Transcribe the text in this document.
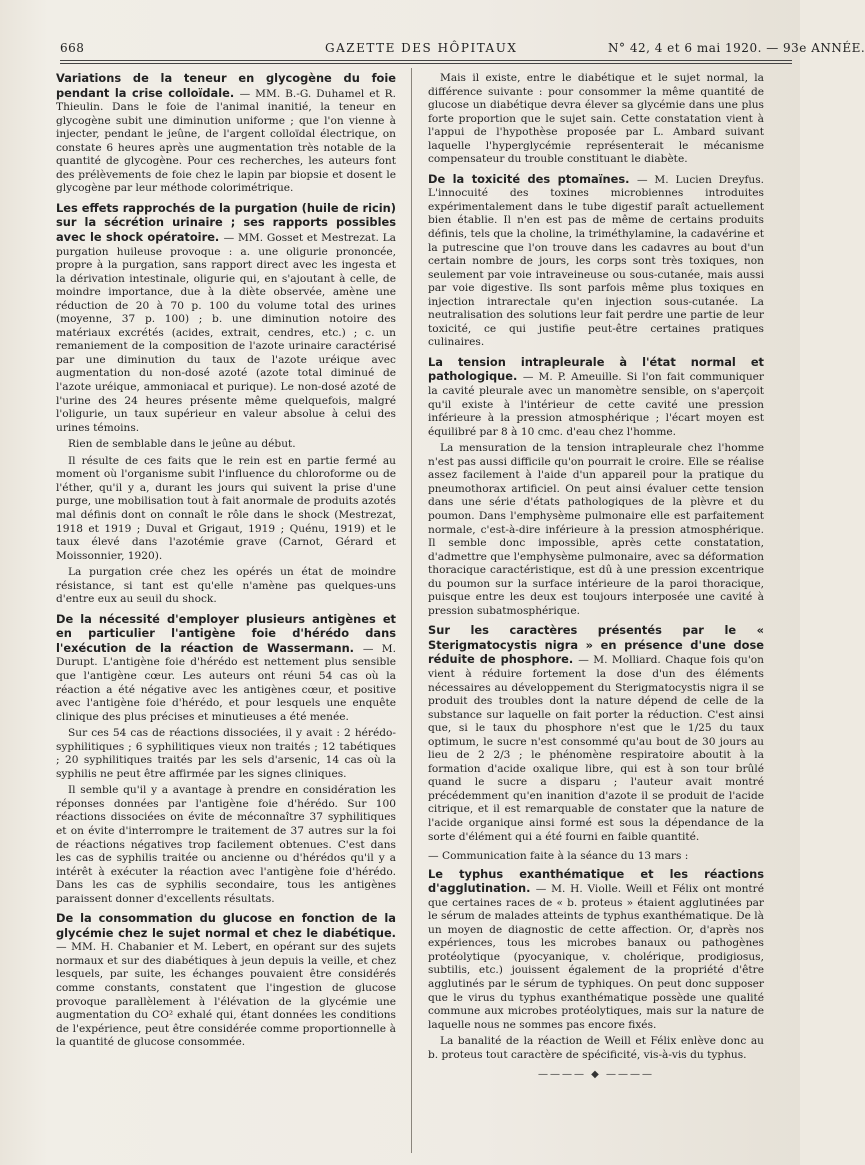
668	GAZETTE DES HÔPITAUX	N° 42, 4 et 6 mai 1920. — 93e ANNÉE.

Variations de la teneur en glycogène du foie pendant la crise colloïdale. — MM. B.-G. Duhamel et R. Thieulin. Dans le foie de l'animal inanitié, la teneur en glycogène subit une diminution uniforme ; que l'on vienne à injecter, pendant le jeûne, de l'argent colloïdal électrique, on constate 6 heures après une augmentation très notable de la quantité de glycogène. Pour ces recherches, les auteurs font des prélèvements de foie chez le lapin par biopsie et dosent le glycogène par leur méthode colorimétrique.

Les effets rapprochés de la purgation (huile de ricin) sur la sécrétion urinaire ; ses rapports possibles avec le shock opératoire. — MM. Gosset et Mestrezat. La purgation huileuse provoque : a. une oligurie prononcée, propre à la purgation, sans rapport direct avec les ingesta et la dérivation intestinale, oligurie qui, en s'ajoutant à celle, de moindre importance, due à la diète observée, amène une réduction de 20 à 70 p. 100 du volume total des urines (moyenne, 37 p. 100) ; b. une diminution notoire des matériaux excrétés (acides, extrait, cendres, etc.) ; c. un remaniement de la composition de l'azote urinaire caractérisé par une diminution du taux de l'azote uréique avec augmentation du non-dosé azoté (azote total diminué de l'azote uréique, ammoniacal et purique). Le non-dosé azoté de l'urine des 24 heures présente même quelquefois, malgré l'oligurie, un taux supérieur en valeur absolue à celui des urines témoins.

Rien de semblable dans le jeûne au début.

Il résulte de ces faits que le rein est en partie fermé au moment où l'organisme subit l'influence du chloroforme ou de l'éther, qu'il y a, durant les jours qui suivent la prise d'une purge, une mobilisation tout à fait anormale de produits azotés mal définis dont on connaît le rôle dans le shock (Mestrezat, 1918 et 1919 ; Duval et Grigaut, 1919 ; Quénu, 1919) et le taux élevé dans l'azotémie grave (Carnot, Gérard et Moissonnier, 1920).

La purgation crée chez les opérés un état de moindre résistance, si tant est qu'elle n'amène pas quelques-uns d'entre eux au seuil du shock.

De la nécessité d'employer plusieurs antigènes et en particulier l'antigène foie d'hérédo dans l'exécution de la réaction de Wassermann. — M. Durupt. L'antigène foie d'hérédo est nettement plus sensible que l'antigène cœur. Les auteurs ont réuni 54 cas où la réaction a été négative avec les antigènes cœur, et positive avec l'antigène foie d'hérédo, et pour lesquels une enquête clinique des plus précises et minutieuses a été menée.

Sur ces 54 cas de réactions dissociées, il y avait : 2 hérédo-syphilitiques ; 6 syphilitiques vieux non traités ; 12 tabétiques ; 20 syphilitiques traités par les sels d'arsenic, 14 cas où la syphilis ne peut être affirmée par les signes cliniques.

Il semble qu'il y a avantage à prendre en considération les réponses données par l'antigène foie d'hérédo. Sur 100 réactions dissociées on évite de méconnaître 37 syphilitiques et on évite d'interrompre le traitement de 37 autres sur la foi de réactions négatives trop facilement obtenues. C'est dans les cas de syphilis traitée ou ancienne ou d'hérédos qu'il y a intérêt à exécuter la réaction avec l'antigène foie d'hérédo. Dans les cas de syphilis secondaire, tous les antigènes paraissent donner d'excellents résultats.

De la consommation du glucose en fonction de la glycémie chez le sujet normal et chez le diabétique. — MM. H. Chabanier et M. Lebert, en opérant sur des sujets normaux et sur des diabétiques à jeun depuis la veille, et chez lesquels, par suite, les échanges pouvaient être considérés comme constants, constatent que l'ingestion de glucose provoque parallèlement à l'élévation de la glycémie une augmentation du CO² exhalé qui, étant données les conditions de l'expérience, peut être considérée comme proportionnelle à la quantité de glucose consommée.

Mais il existe, entre le diabétique et le sujet normal, la différence suivante : pour consommer la même quantité de glucose un diabétique devra élever sa glycémie dans une plus forte proportion que le sujet sain. Cette constatation vient à l'appui de l'hypothèse proposée par L. Ambard suivant laquelle l'hyperglycémie représenterait le mécanisme compensateur du trouble constituant le diabète.

De la toxicité des ptomaïnes. — M. Lucien Dreyfus. L'innocuité des toxines microbiennes introduites expérimentalement dans le tube digestif paraît actuellement bien établie. Il n'en est pas de même de certains produits définis, tels que la choline, la triméthylamine, la cadavérine et la putrescine que l'on trouve dans les cadavres au bout d'un certain nombre de jours, les corps sont très toxiques, non seulement par voie intraveineuse ou sous-cutanée, mais aussi par voie digestive. Ils sont parfois même plus toxiques en injection intrarectale qu'en injection sous-cutanée. La neutralisation des solutions leur fait perdre une partie de leur toxicité, ce qui justifie peut-être certaines pratiques culinaires.

La tension intrapleurale à l'état normal et pathologique. — M. P. Ameuille. Si l'on fait communiquer la cavité pleurale avec un manomètre sensible, on s'aperçoit qu'il existe à l'intérieur de cette cavité une pression inférieure à la pression atmosphérique ; l'écart moyen est équilibré par 8 à 10 cmc. d'eau chez l'homme.

La mensuration de la tension intrapleurale chez l'homme n'est pas aussi difficile qu'on pourrait le croire. Elle se réalise assez facilement à l'aide d'un appareil pour la pratique du pneumothorax artificiel. On peut ainsi évaluer cette tension dans une série d'états pathologiques de la plèvre et du poumon. Dans l'emphysème pulmonaire elle est parfaitement normale, c'est-à-dire inférieure à la pression atmosphérique. Il semble donc impossible, après cette constatation, d'admettre que l'emphysème pulmonaire, avec sa déformation thoracique caractéristique, est dû à une pression excentrique du poumon sur la surface intérieure de la paroi thoracique, puisque entre les deux est toujours interposée une cavité à pression subatmosphérique.

Sur les caractères présentés par le « Sterigmatocystis nigra » en présence d'une dose réduite de phosphore. — M. Molliard. Chaque fois qu'on vient à réduire fortement la dose d'un des éléments nécessaires au développement du Sterigmatocystis nigra il se produit des troubles dont la nature dépend de celle de la substance sur laquelle on fait porter la réduction. C'est ainsi que, si le taux du phosphore n'est que le 1/25 du taux optimum, le sucre n'est consommé qu'au bout de 30 jours au lieu de 2 2/3 ; le phénomène respiratoire aboutit à la formation d'acide oxalique libre, qui est à son tour brûlé quand le sucre a disparu ; l'auteur avait montré précédemment qu'en inanition d'azote il se produit de l'acide citrique, et il est remarquable de constater que la nature de l'acide organique ainsi formé est sous la dépendance de la sorte d'élément qui a été fourni en faible quantité.

— Communication faite à la séance du 13 mars :

Le typhus exanthématique et les réactions d'agglutination. — M. H. Violle. Weill et Félix ont montré que certaines races de « b. proteus » étaient agglutinées par le sérum de malades atteints de typhus exanthématique. De là un moyen de diagnostic de cette affection. Or, d'après nos expériences, tous les microbes banaux ou pathogènes protéolytique (pyocyanique, v. cholérique, prodigiosus, subtilis, etc.) jouissent également de la propriété d'être agglutinés par le sérum de typhiques. On peut donc supposer que le virus du typhus exanthématique possède une qualité commune aux microbes protéolytiques, mais sur la nature de laquelle nous ne sommes pas encore fixés.

La banalité de la réaction de Weill et Félix enlève donc au b. proteus tout caractère de spécificité, vis-à-vis du typhus.

———— ◆ ————
